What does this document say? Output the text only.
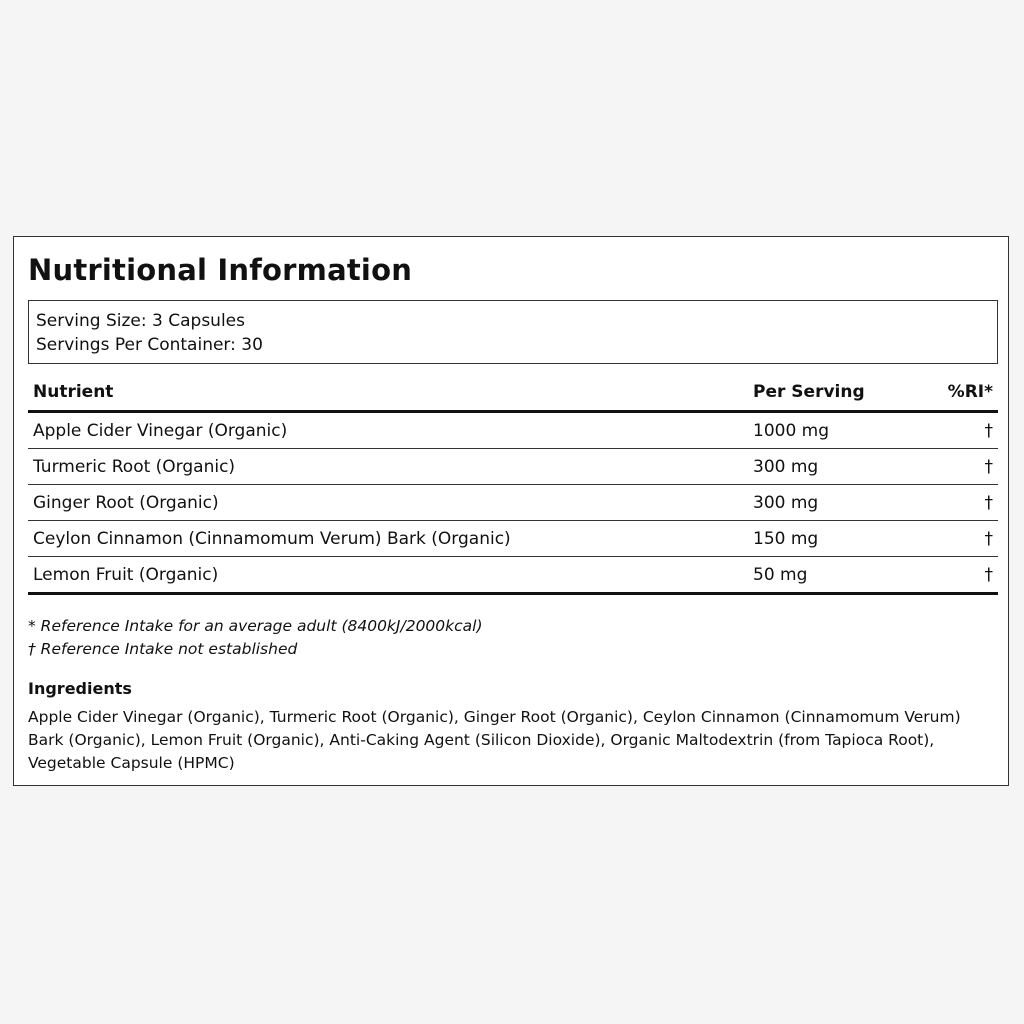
Nutritional Information
Serving Size: 3 Capsules
Servings Per Container: 30
Nutrient	Per Serving	%RI*
Apple Cider Vinegar (Organic)	1000 mg	†
Turmeric Root (Organic)	300 mg	†
Ginger Root (Organic)	300 mg	†
Ceylon Cinnamon (Cinnamomum Verum) Bark (Organic)	150 mg	†
Lemon Fruit (Organic)	50 mg	†
* Reference Intake for an average adult (8400kJ/2000kcal)
† Reference Intake not established
Ingredients
Apple Cider Vinegar (Organic), Turmeric Root (Organic), Ginger Root (Organic), Ceylon Cinnamon (Cinnamomum Verum) Bark (Organic), Lemon Fruit (Organic), Anti-Caking Agent (Silicon Dioxide), Organic Maltodextrin (from Tapioca Root), Vegetable Capsule (HPMC)
